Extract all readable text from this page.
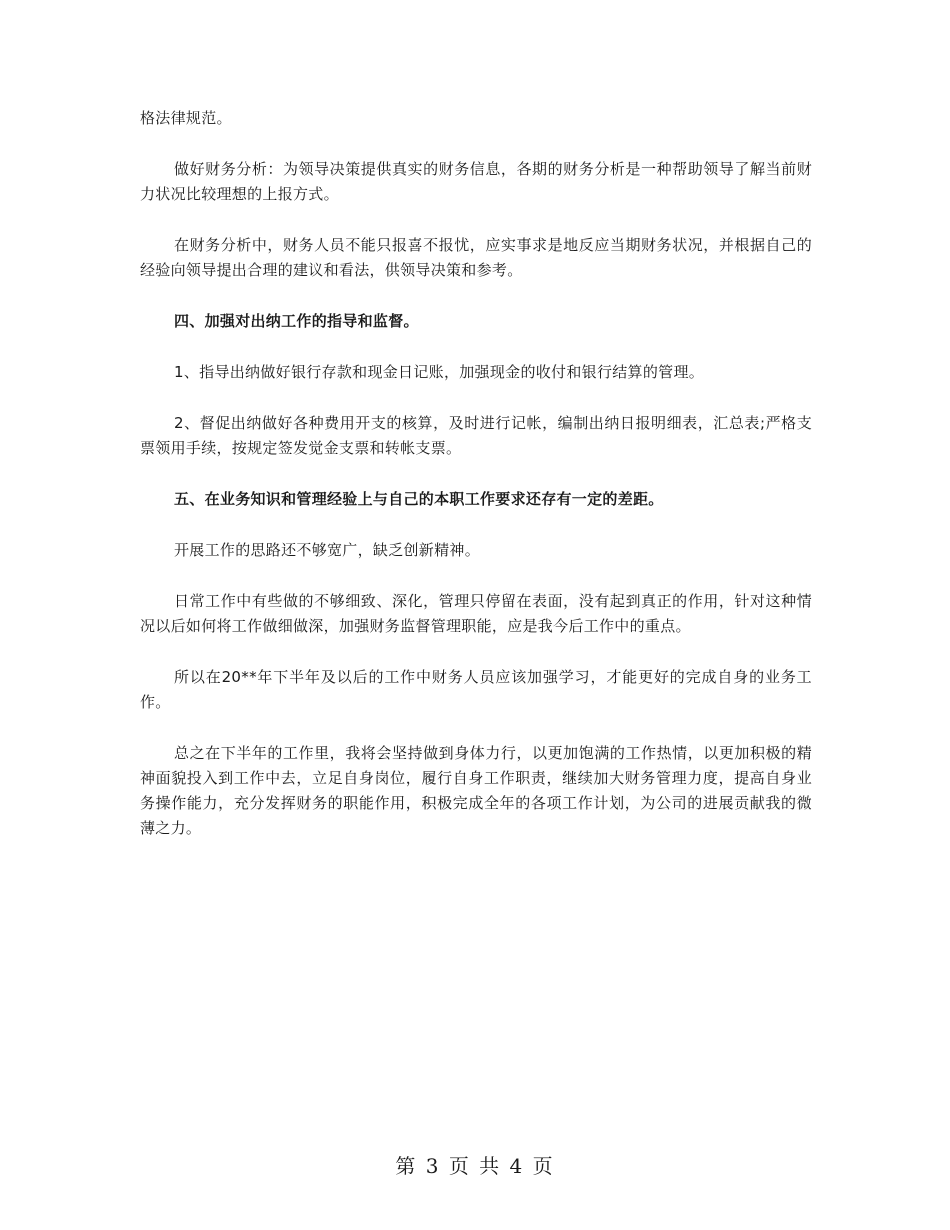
格法律规范。

做好财务分析：为领导决策提供真实的财务信息，各期的财务分析是一种帮助领导了解当前财力状况比较理想的上报方式。

在财务分析中，财务人员不能只报喜不报忧，应实事求是地反应当期财务状况，并根据自己的经验向领导提出合理的建议和看法，供领导决策和参考。

四、加强对出纳工作的指导和监督。

1、指导出纳做好银行存款和现金日记账，加强现金的收付和银行结算的管理。

2、督促出纳做好各种费用开支的核算，及时进行记帐，编制出纳日报明细表，汇总表;严格支票领用手续，按规定签发觉金支票和转帐支票。

五、在业务知识和管理经验上与自己的本职工作要求还存有一定的差距。

开展工作的思路还不够宽广，缺乏创新精神。

日常工作中有些做的不够细致、深化，管理只停留在表面，没有起到真正的作用，针对这种情况以后如何将工作做细做深，加强财务监督管理职能，应是我今后工作中的重点。

所以在20**年下半年及以后的工作中财务人员应该加强学习，才能更好的完成自身的业务工作。

总之在下半年的工作里，我将会坚持做到身体力行，以更加饱满的工作热情，以更加积极的精神面貌投入到工作中去，立足自身岗位，履行自身工作职责，继续加大财务管理力度，提高自身业务操作能力，充分发挥财务的职能作用，积极完成全年的各项工作计划，为公司的进展贡献我的微薄之力。

第 3 页 共 4 页
